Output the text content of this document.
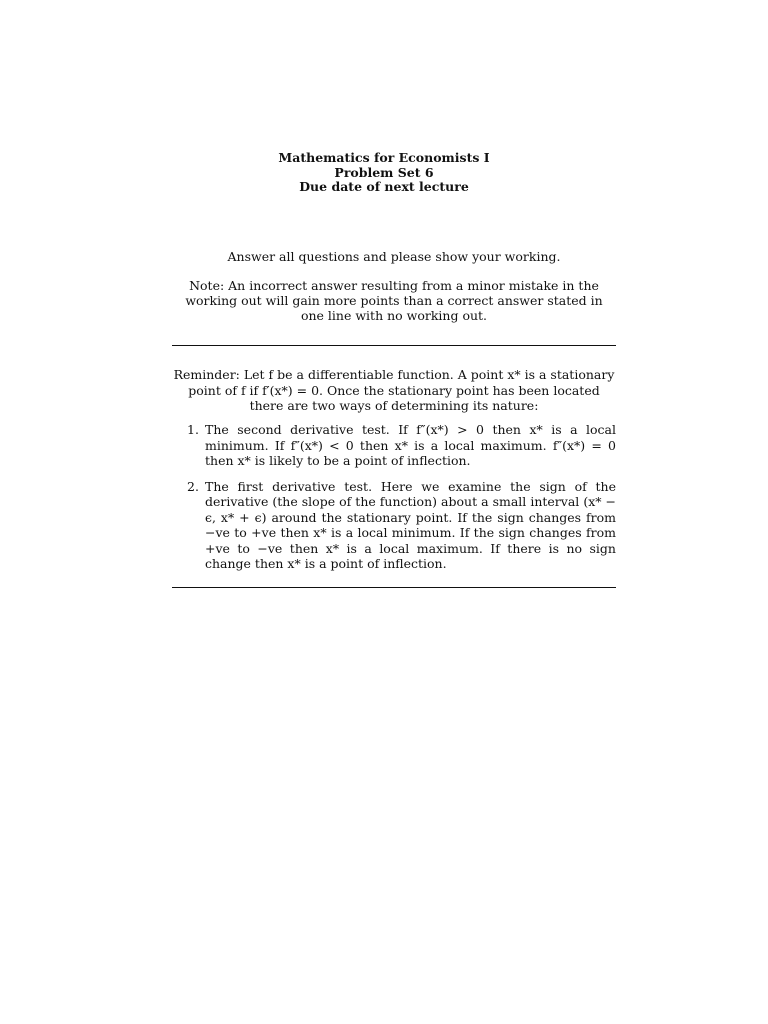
Mathematics for Economists I
Problem Set 6
Due date of next lecture
Answer all questions and please show your working.
Note: An incorrect answer resulting from a minor mistake in the working out will gain more points than a correct answer stated in one line with no working out.

Reminder: Let f be a differentiable function. A point x* is a stationary point of f if f′(x*) = 0. Once the stationary point has been located there are two ways of determining its nature:

1. The second derivative test. If f″(x*) > 0 then x* is a local minimum. If f″(x*) < 0 then x* is a local maximum. f″(x*) = 0 then x* is likely to be a point of inflection.
2. The first derivative test. Here we examine the sign of the derivative (the slope of the function) about a small interval (x* − ϵ, x* + ϵ) around the stationary point. If the sign changes from −ve to +ve then x* is a local minimum. If the sign changes from +ve to −ve then x* is a local maximum. If there is no sign change then x* is a point of inflection.
